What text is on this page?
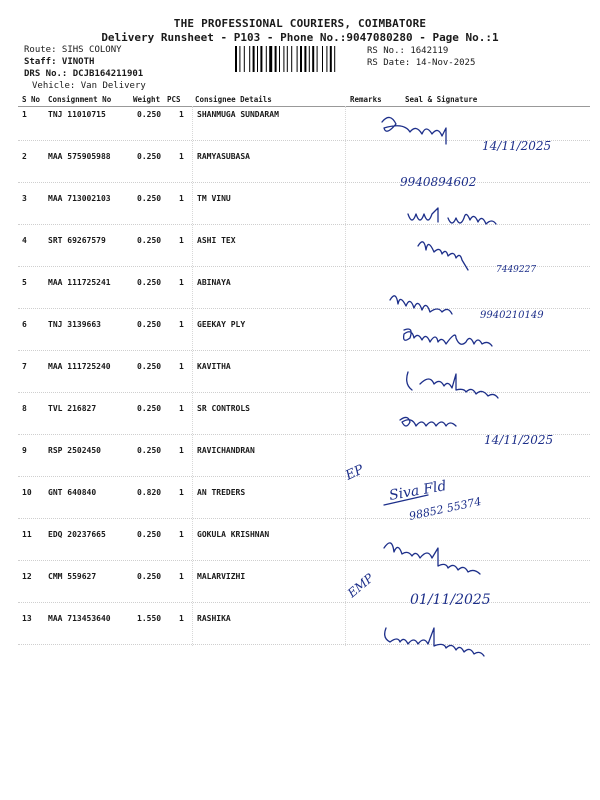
THE PROFESSIONAL COURIERS, COIMBATORE
Delivery Runsheet - P103 - Phone No.:9047080280 - Page No.:1
Route: SIHS COLONY
Staff: VINOTH
DRS No.: DCJB164211901
Vehicle: Van Delivery
RS No.: 1642119
RS Date: 14-Nov-2025
S No Consignment No	Weight PCS Consignee Details	Remarks	Seal & Signature
1	TNJ 11010715	0.250 1 SHANMUGA SUNDARAM
2	MAA 575905988	0.250 1 RAMYASUBASA
3	MAA 713002103	0.250 1 TM VINU
4	SRT 69267579	0.250 1 ASHI TEX
5	MAA 111725241	0.250 1 ABINAYA
6	TNJ 3139663	0.250 1 GEEKAY PLY
7	MAA 111725240	0.250 1 KAVITHA
8	TVL 216827	0.250 1 SR CONTROLS
9	RSP 2502450	0.250 1 RAVICHANDRAN
10 GNT 640840	0.820 1 AN TREDERS
11 EDQ 20237665	0.250 1 GOKULA KRISHNAN
12 CMM 559627	0.250 1 MALARVIZHI
13 MAA 713453640	1.550 1 RASHIKA
14/11/2025
9940894602
7449227
9940210149
14/11/2025
EP
Siva Fld
98852 55374
EMP 01/11/2025
